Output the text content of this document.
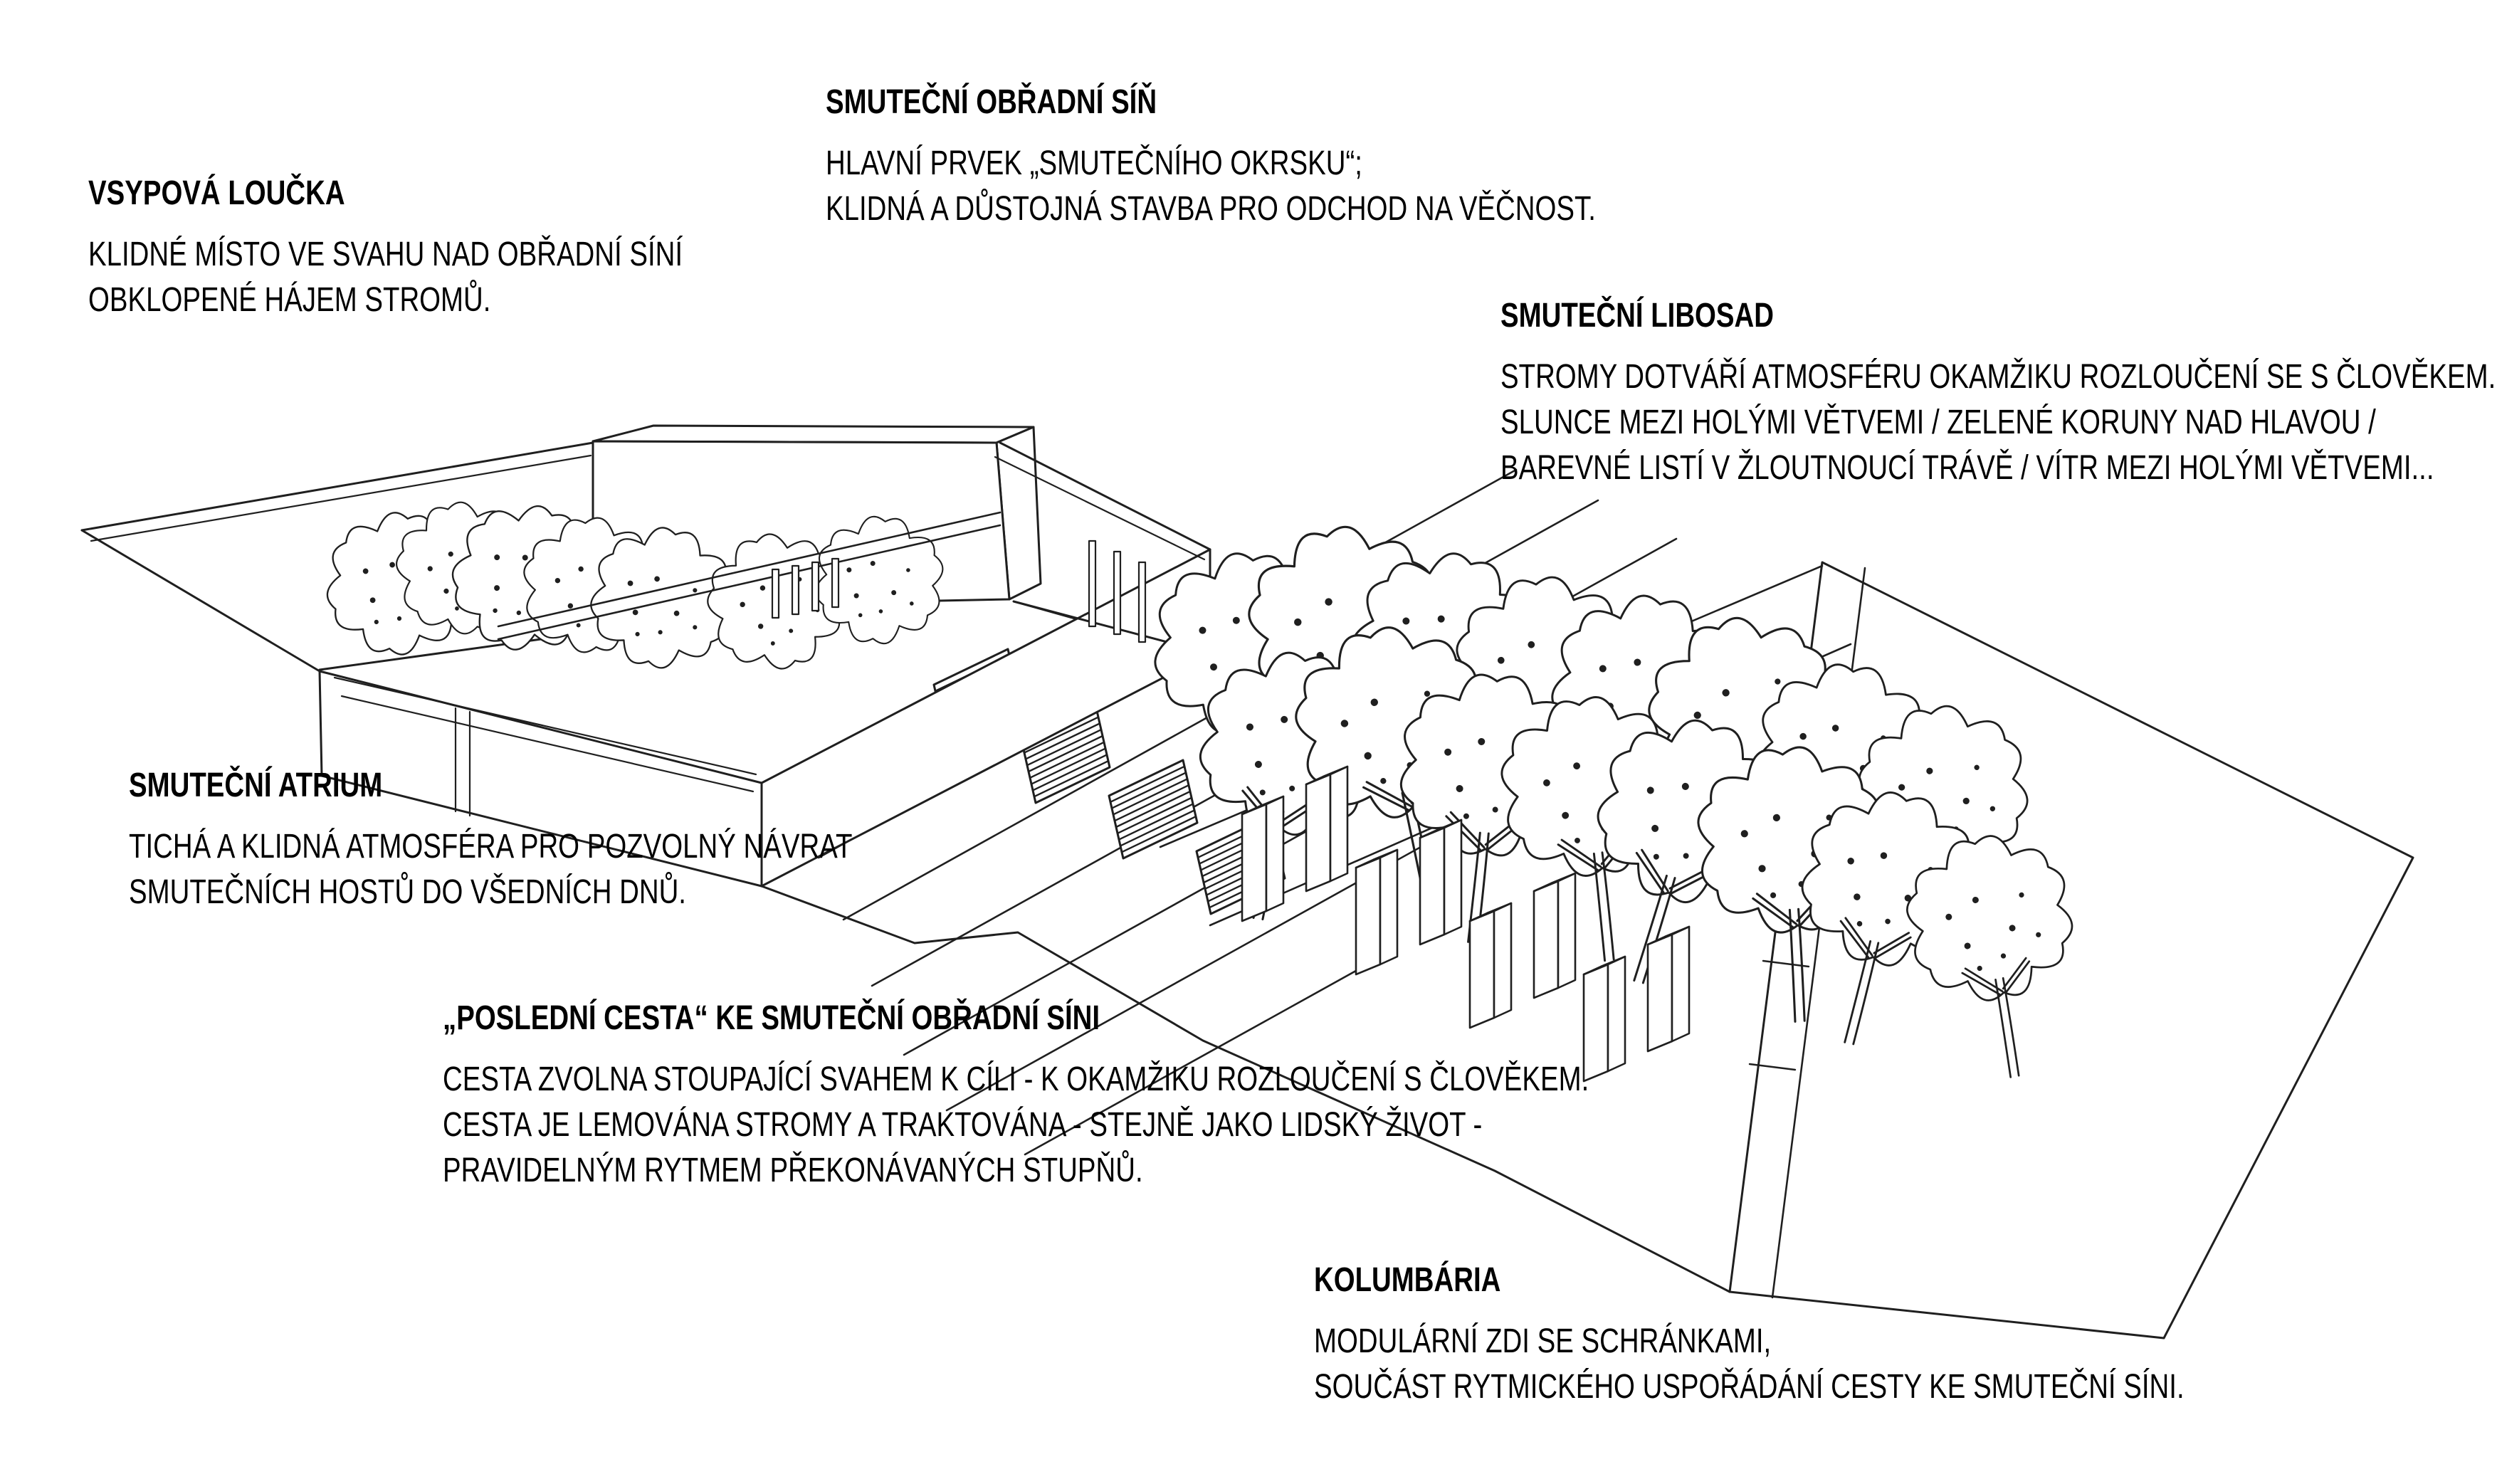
SMUTEČNÍ OBŘADNÍ SÍŇ
HLAVNÍ PRVEK „SMUTEČNÍHO OKRSKU“;
KLIDNÁ A DŮSTOJNÁ STAVBA PRO ODCHOD NA VĚČNOST.
VSYPOVÁ LOUČKA
KLIDNÉ MÍSTO VE SVAHU NAD OBŘADNÍ SÍNÍ
OBKLOPENÉ HÁJEM STROMŮ.	SMUTEČNÍ LIBOSAD
STROMY DOTVÁŘÍ ATMOSFÉRU OKAMŽIKU ROZLOUČENÍ SE S ČLOVĚKEM.
SLUNCE MEZI HOLÝMI VĚTVEMI / ZELENÉ KORUNY NAD HLAVOU /
BAREVNÉ LISTÍ V ŽLOUTNOUCÍ TRÁVĚ / VÍTR MEZI HOLÝMI VĚTVEMI...
SMUTEČNÍ ATRIUM
TICHÁ A KLIDNÁ ATMOSFÉRA PRO POZVOLNÝ NÁVRAT
SMUTEČNÍCH HOSTŮ DO VŠEDNÍCH DNŮ.
„POSLEDNÍ CESTA“ KE SMUTEČNÍ OBŘADNÍ SÍNI
CESTA ZVOLNA STOUPAJÍCÍ SVAHEM K CÍLI - K OKAMŽIKU ROZLOUČENÍ S ČLOVĚKEM.
CESTA JE LEMOVÁNA STROMY A TRAKTOVÁNA - STEJNĚ JAKO LIDSKÝ ŽIVOT -
PRAVIDELNÝM RYTMEM PŘEKONÁVANÝCH STUPŇŮ.
KOLUMBÁRIA
MODULÁRNÍ ZDI SE SCHRÁNKAMI,
SOUČÁST RYTMICKÉHO USPOŘÁDÁNÍ CESTY KE SMUTEČNÍ SÍNI.
